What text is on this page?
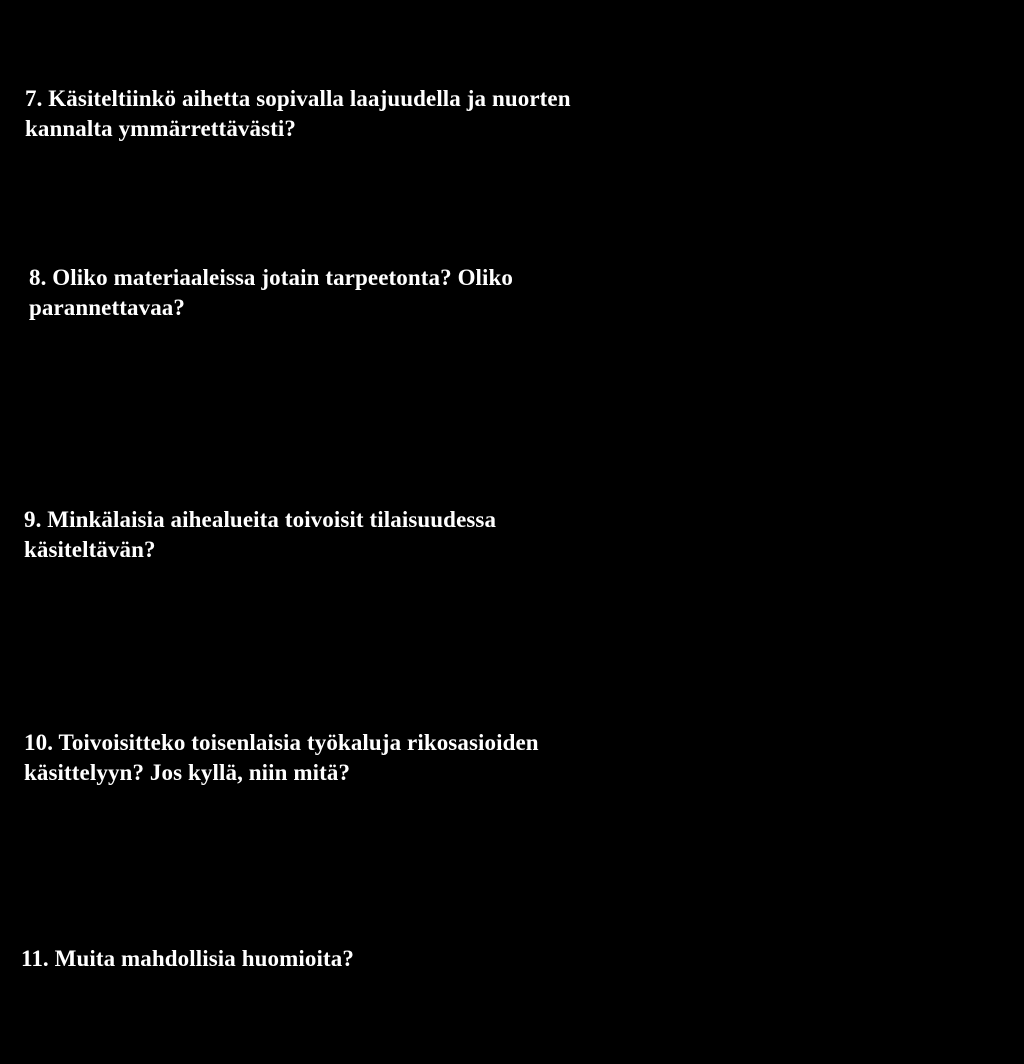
7. Käsiteltiinkö aihetta sopivalla laajuudella ja nuorten
kannalta ymmärrettävästi?

8. Oliko materiaaleissa jotain tarpeetonta? Oliko
parannettavaa?

9. Minkälaisia aihealueita toivoisit tilaisuudessa
käsiteltävän?

10. Toivoisitteko toisenlaisia työkaluja rikosasioiden
käsittelyyn? Jos kyllä, niin mitä?

11. Muita mahdollisia huomioita?
